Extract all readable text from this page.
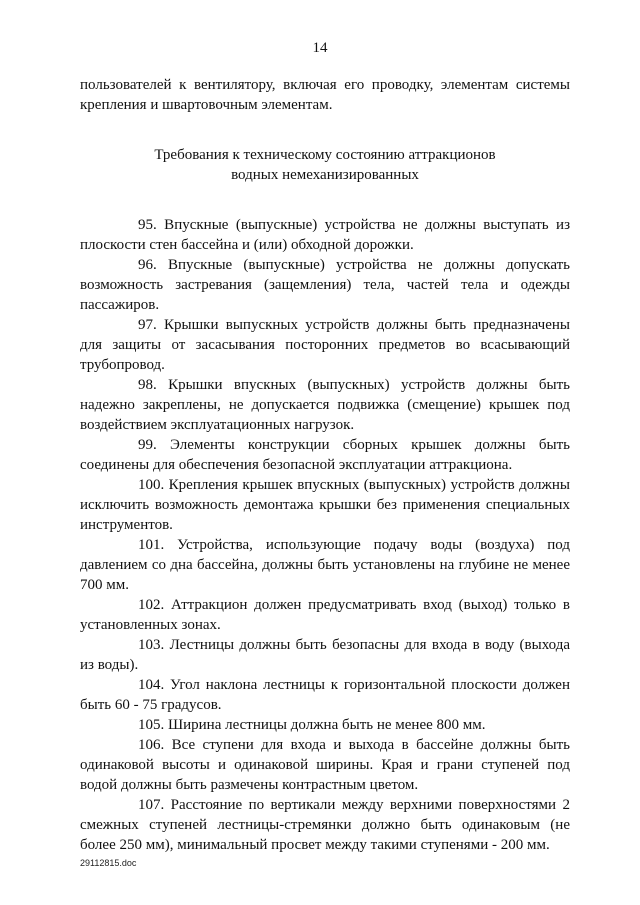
14

пользователей к вентилятору, включая его проводку, элементам системы крепления и швартовочным элементам.

Требования к техническому состоянию аттракционов
водных немеханизированных

95. Впускные (выпускные) устройства не должны выступать из плоскости стен бассейна и (или) обходной дорожки.

96. Впускные (выпускные) устройства не должны допускать возможность застревания (защемления) тела, частей тела и одежды пассажиров.

97. Крышки выпускных устройств должны быть предназначены для защиты от засасывания посторонних предметов во всасывающий трубопровод.

98. Крышки впускных (выпускных) устройств должны быть надежно закреплены, не допускается подвижка (смещение) крышек под воздействием эксплуатационных нагрузок.

99. Элементы конструкции сборных крышек должны быть соединены для обеспечения безопасной эксплуатации аттракциона.

100. Крепления крышек впускных (выпускных) устройств должны исключить возможность демонтажа крышки без применения специальных инструментов.

101. Устройства, использующие подачу воды (воздуха) под давлением со дна бассейна, должны быть установлены на глубине не менее 700 мм.

102. Аттракцион должен предусматривать вход (выход) только в установленных зонах.

103. Лестницы должны быть безопасны для входа в воду (выхода из воды).

104. Угол наклона лестницы к горизонтальной плоскости должен быть 60 - 75 градусов.

105. Ширина лестницы должна быть не менее 800 мм.

106. Все ступени для входа и выхода в бассейне должны быть одинаковой высоты и одинаковой ширины. Края и грани ступеней под водой должны быть размечены контрастным цветом.

107. Расстояние по вертикали между верхними поверхностями 2 смежных ступеней лестницы-стремянки должно быть одинаковым (не более 250 мм), минимальный просвет между такими ступенями - 200 мм.

29112815.doc
